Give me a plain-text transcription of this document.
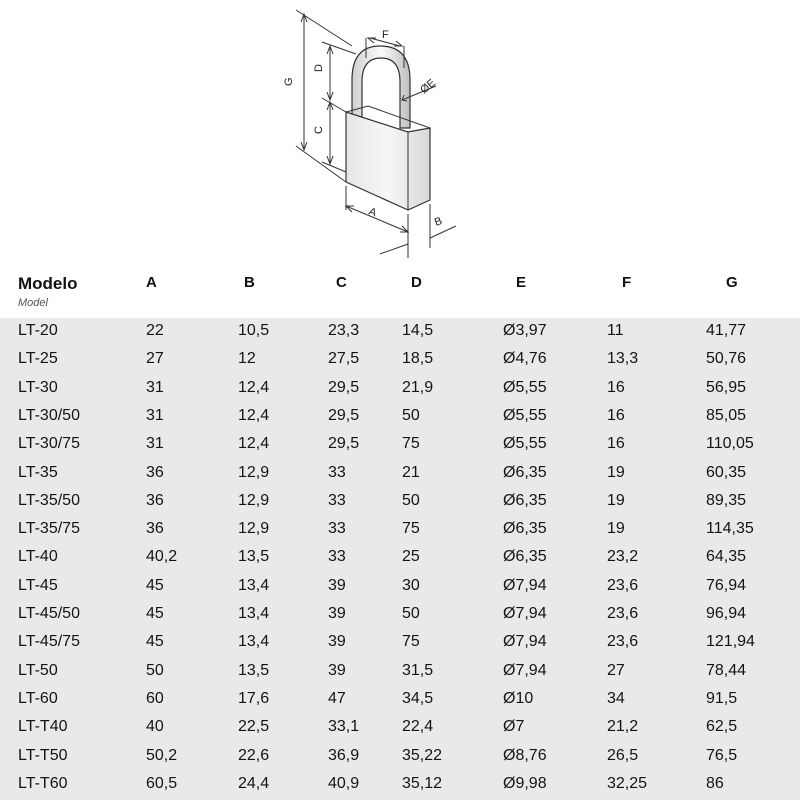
G
D
C
F
ØE
A
B
Modelo
Model
A	B	C	D	E	F	G
LT-20	22	10,5	23,3	14,5	Ø3,97	11	41,77
LT-25	27	12	27,5	18,5	Ø4,76	13,3	50,76
LT-30	31	12,4	29,5	21,9	Ø5,55	16	56,95
LT-30/50	31	12,4	29,5	50	Ø5,55	16	85,05
LT-30/75	31	12,4	29,5	75	Ø5,55	16	110,05
LT-35	36	12,9	33	21	Ø6,35	19	60,35
LT-35/50	36	12,9	33	50	Ø6,35	19	89,35
LT-35/75	36	12,9	33	75	Ø6,35	19	114,35
LT-40	40,2	13,5	33	25	Ø6,35	23,2	64,35
LT-45	45	13,4	39	30	Ø7,94	23,6	76,94
LT-45/50	45	13,4	39	50	Ø7,94	23,6	96,94
LT-45/75	45	13,4	39	75	Ø7,94	23,6	121,94
LT-50	50	13,5	39	31,5	Ø7,94	27	78,44
LT-60	60	17,6	47	34,5	Ø10	34	91,5
LT-T40	40	22,5	33,1	22,4	Ø7	21,2	62,5
LT-T50	50,2	22,6	36,9	35,22	Ø8,76	26,5	76,5
LT-T60	60,5	24,4	40,9	35,12	Ø9,98	32,25	86
